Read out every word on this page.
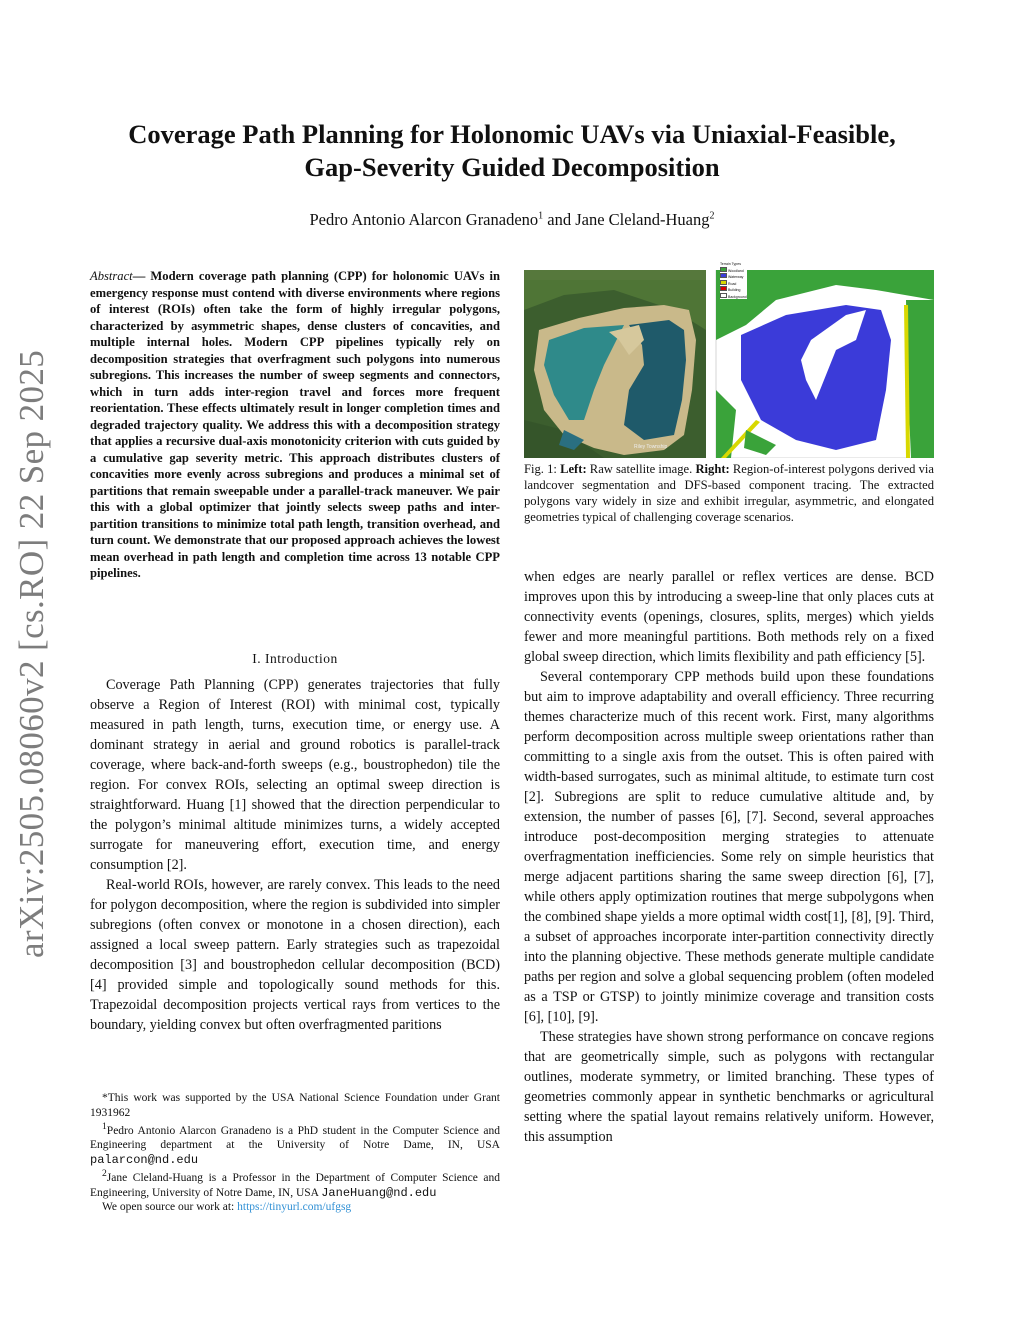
arXiv:2505.08060v2 [cs.RO] 22 Sep 2025
Coverage Path Planning for Holonomic UAVs via Uniaxial-Feasible,
Gap-Severity Guided Decomposition
Pedro Antonio Alarcon Granadeno$^1$ and Jane Cleland-Huang$^2$
Abstract— Modern coverage path planning (CPP) for holonomic UAVs in emergency response must contend with diverse environments where regions of interest (ROIs) often take the form of highly irregular polygons, characterized by asymmetric shapes, dense clusters of concavities, and multiple internal holes. Modern CPP pipelines typically rely on decomposition strategies that overfragment such polygons into numerous subregions. This increases the number of sweep segments and connectors, which in turn adds inter-region travel and forces more frequent reorientation. These effects ultimately result in longer completion times and degraded trajectory quality. We address this with a decomposition strategy that applies a recursive dual-axis monotonicity criterion with cuts guided by a cumulative gap severity metric. This approach distributes clusters of concavities more evenly across subregions and produces a minimal set of partitions that remain sweepable under a parallel-track maneuver. We pair this with a global optimizer that jointly selects sweep paths and inter-partition transitions to minimize total path length, transition overhead, and turn count. We demonstrate that our proposed approach achieves the lowest mean overhead in path length and completion time across 13 notable CPP pipelines.
I. Introduction

Coverage Path Planning (CPP) generates trajectories that fully observe a Region of Interest (ROI) with minimal cost, typically measured in path length, turns, execution time, or energy use. A dominant strategy in aerial and ground robotics is parallel-track coverage, where back-and-forth sweeps (e.g., boustrophedon) tile the region. For convex ROIs, selecting an optimal sweep direction is straightforward. Huang [1] showed that the direction perpendicular to the polygon’s minimal altitude minimizes turns, a widely accepted surrogate for maneuvering effort, execution time, and energy consumption [2].

Real-world ROIs, however, are rarely convex. This leads to the need for polygon decomposition, where the region is subdivided into simpler subregions (often convex or monotone in a chosen direction), each assigned a local sweep pattern. Early strategies such as trapezoidal decomposition [3] and boustrophedon cellular decomposition (BCD) [4] provided simple and topologically sound methods for this. Trapezoidal decomposition projects vertical rays from vertices to the boundary, yielding convex but often overfragmented paritions

*This work was supported by the USA National Science Foundation under Grant 1931962

$^1$Pedro Antonio Alarcon Granadeno is a PhD student in the Computer Science and Engineering department at the University of Notre Dame, IN, USA palarcon@nd.edu

$^2$Jane Cleland-Huang is a Professor in the Department of Computer Science and Engineering, University of Notre Dame, IN, USA JaneHuang@nd.edu

We open source our work at: https://tinyurl.com/ufgsg

Riley Township
Terrain Types
Woodland
Waterway
Road
Building
Background
Fig. 1: Left: Raw satellite image. Right: Region-of-interest polygons derived via landcover segmentation and DFS-based component tracing. The extracted polygons vary widely in size and exhibit irregular, asymmetric, and elongated geometries typical of challenging coverage scenarios.

when edges are nearly parallel or reflex vertices are dense. BCD improves upon this by introducing a sweep-line that only places cuts at connectivity events (openings, closures, splits, merges) which yields fewer and more meaningful partitions. Both methods rely on a fixed global sweep direction, which limits flexibility and path efficiency [5].

Several contemporary CPP methods build upon these foundations but aim to improve adaptability and overall efficiency. Three recurring themes characterize much of this recent work. First, many algorithms perform decomposition across multiple sweep orientations rather than committing to a single axis from the outset. This is often paired with width-based surrogates, such as minimal altitude, to estimate turn cost [2]. Subregions are split to reduce cumulative altitude and, by extension, the number of passes [6], [7]. Second, several approaches introduce post-decomposition merging strategies to attenuate overfragmentation inefficiencies. Some rely on simple heuristics that merge adjacent partitions sharing the same sweep direction [6], [7], while others apply optimization routines that merge subpolygons when the combined shape yields a more optimal width cost[1], [8], [9]. Third, a subset of approaches incorporate inter-partition connectivity directly into the planning objective. These methods generate multiple candidate paths per region and solve a global sequencing problem (often modeled as a TSP or GTSP) to jointly minimize coverage and transition costs [6], [10], [9].

These strategies have shown strong performance on concave regions that are geometrically simple, such as polygons with rectangular outlines, moderate symmetry, or limited branching. These types of geometries commonly appear in synthetic benchmarks or agricultural setting where the spatial layout remains relatively uniform. However, this assumption
